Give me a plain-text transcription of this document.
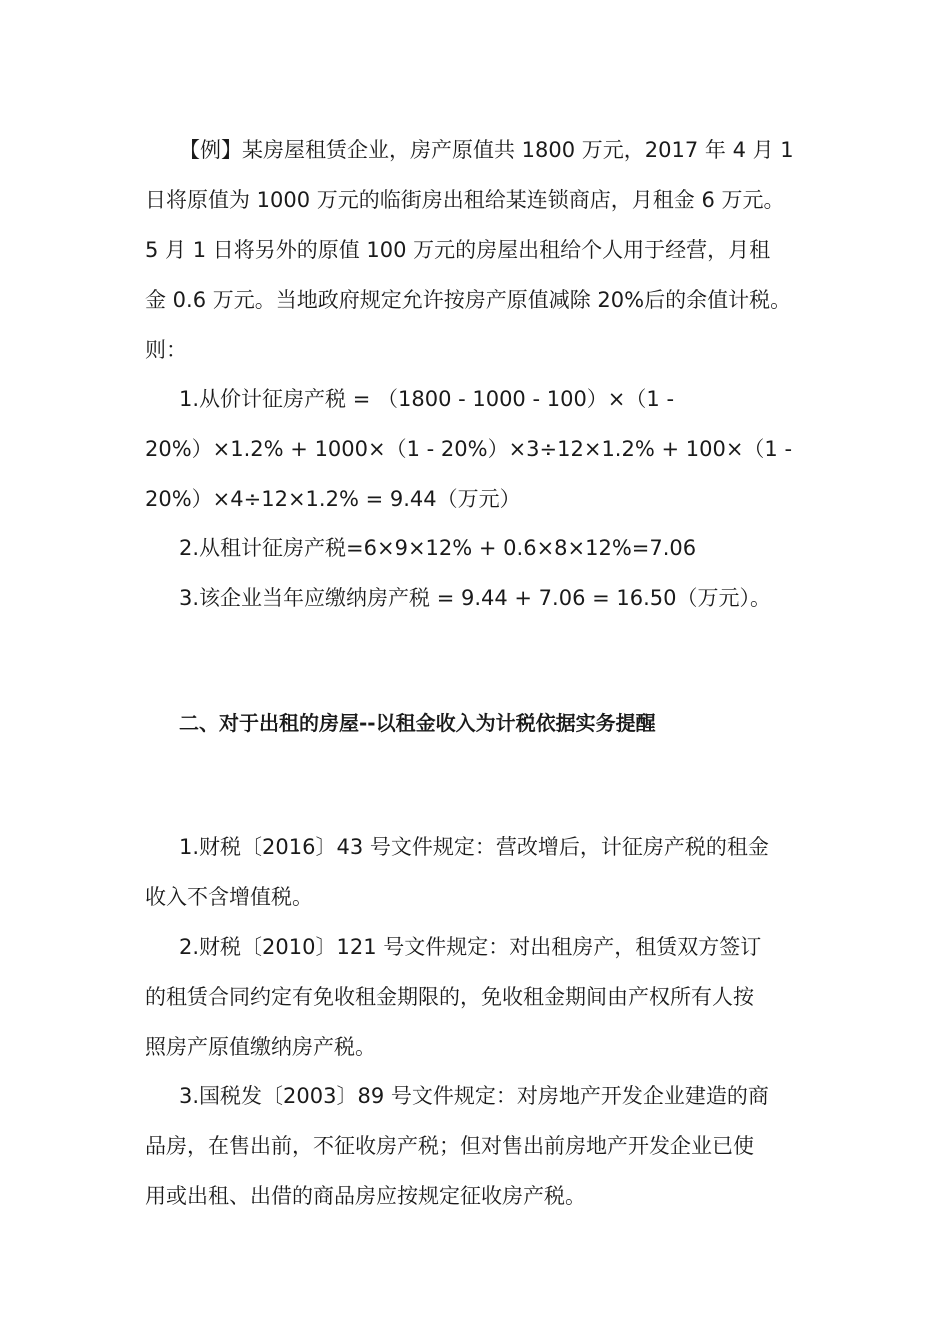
【例】某房屋租赁企业，房产原值共 1800 万元，2017 年 4 月 1
日将原值为 1000 万元的临街房出租给某连锁商店，月租金 6 万元。
5 月 1 日将另外的原值 100 万元的房屋出租给个人用于经营，月租
金 0.6 万元。当地政府规定允许按房产原值减除 20%后的余值计税。
则：
1.从价计征房产税 = （1800 - 1000 - 100）×（1 -
20%）×1.2% + 1000×（1 - 20%）×3÷12×1.2% + 100×（1 -
20%）×4÷12×1.2% = 9.44（万元）
2.从租计征房产税=6×9×12% + 0.6×8×12%=7.06
3.该企业当年应缴纳房产税 = 9.44 + 7.06 = 16.50（万元）。
二、对于出租的房屋--以租金收入为计税依据实务提醒
1.财税〔2016〕43 号文件规定：营改增后，计征房产税的租金
收入不含增值税。
2.财税〔2010〕121 号文件规定：对出租房产，租赁双方签订
的租赁合同约定有免收租金期限的，免收租金期间由产权所有人按
照房产原值缴纳房产税。
3.国税发〔2003〕89 号文件规定：对房地产开发企业建造的商
品房，在售出前，不征收房产税；但对售出前房地产开发企业已使
用或出租、出借的商品房应按规定征收房产税。
